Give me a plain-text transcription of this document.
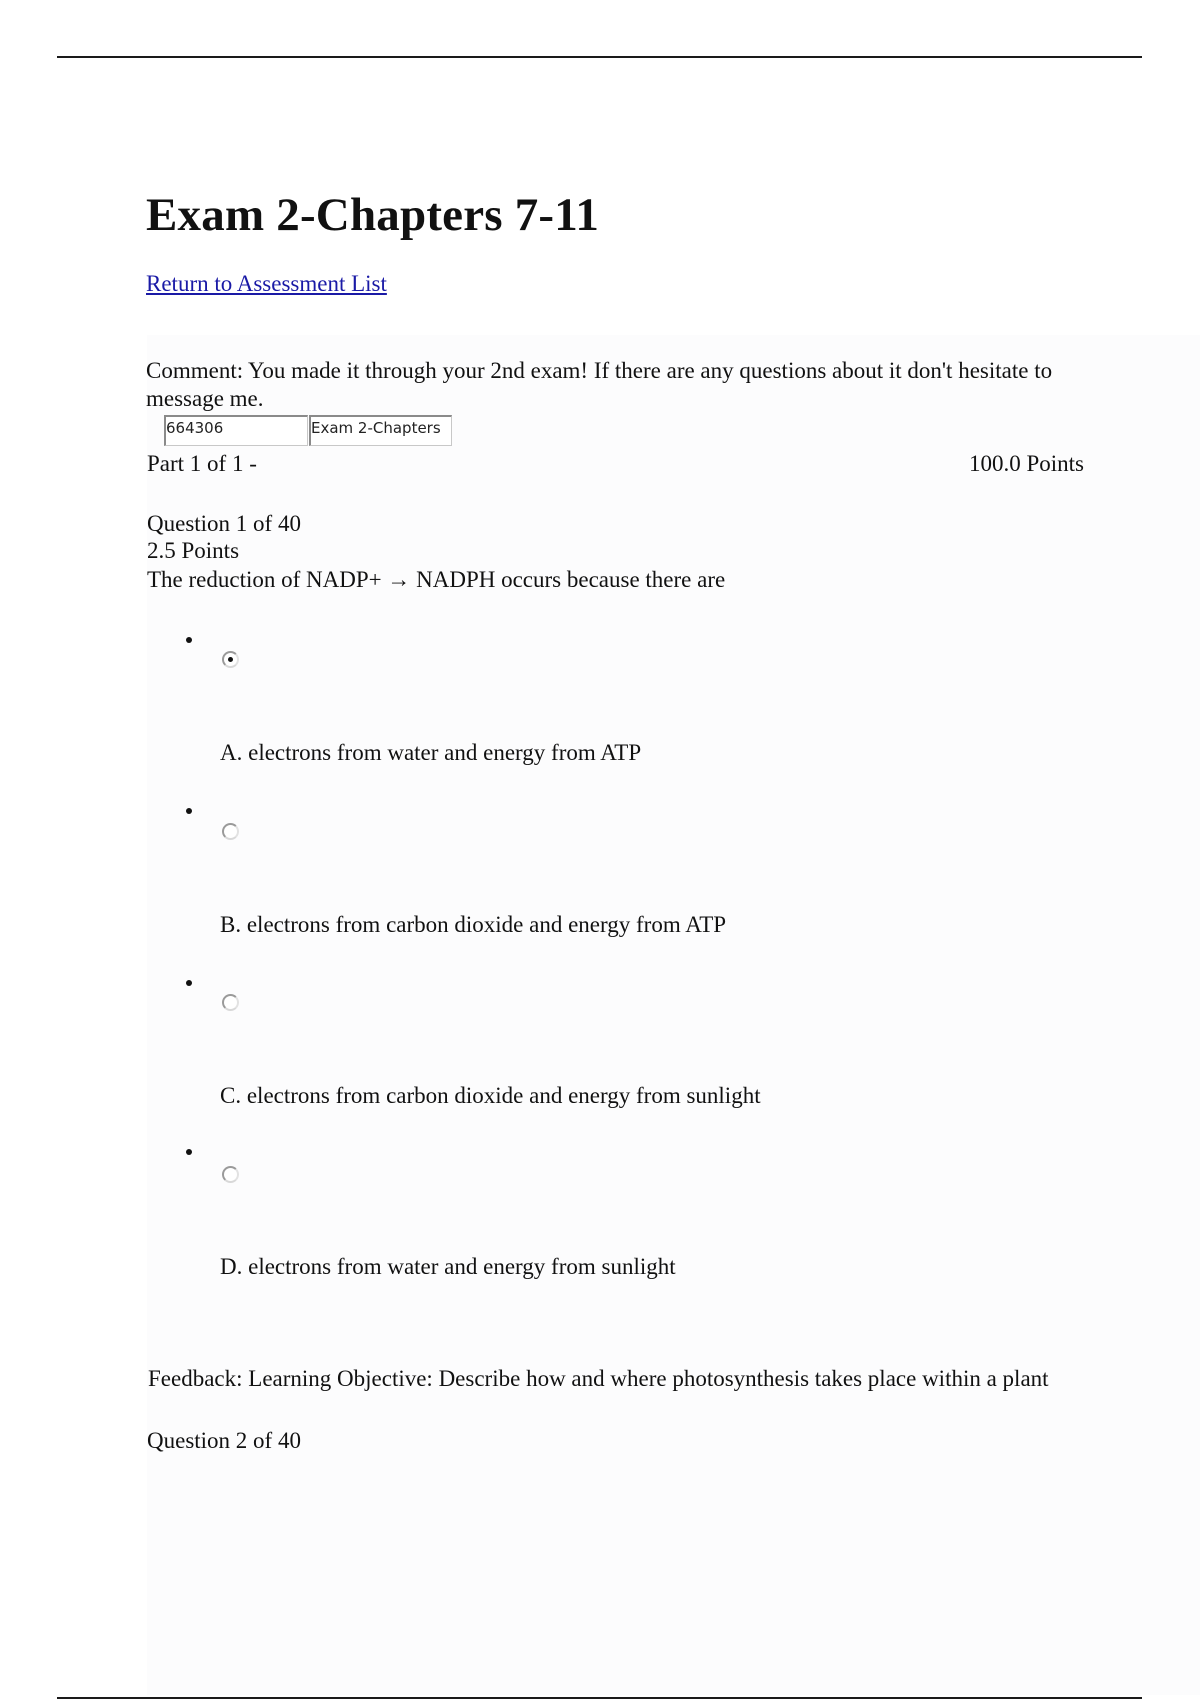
Exam 2-Chapters 7-11
Return to Assessment List
Comment: You made it through your 2nd exam! If there are any questions about it don't hesitate to message me.
664306	Exam 2-Chapters
Part 1 of 1 -	100.0 Points
Question 1 of 40
2.5 Points
The reduction of NADP+ → NADPH occurs because there are
A. electrons from water and energy from ATP
B. electrons from carbon dioxide and energy from ATP
C. electrons from carbon dioxide and energy from sunlight
D. electrons from water and energy from sunlight
Feedback: Learning Objective: Describe how and where photosynthesis takes place within a plant
Question 2 of 40
